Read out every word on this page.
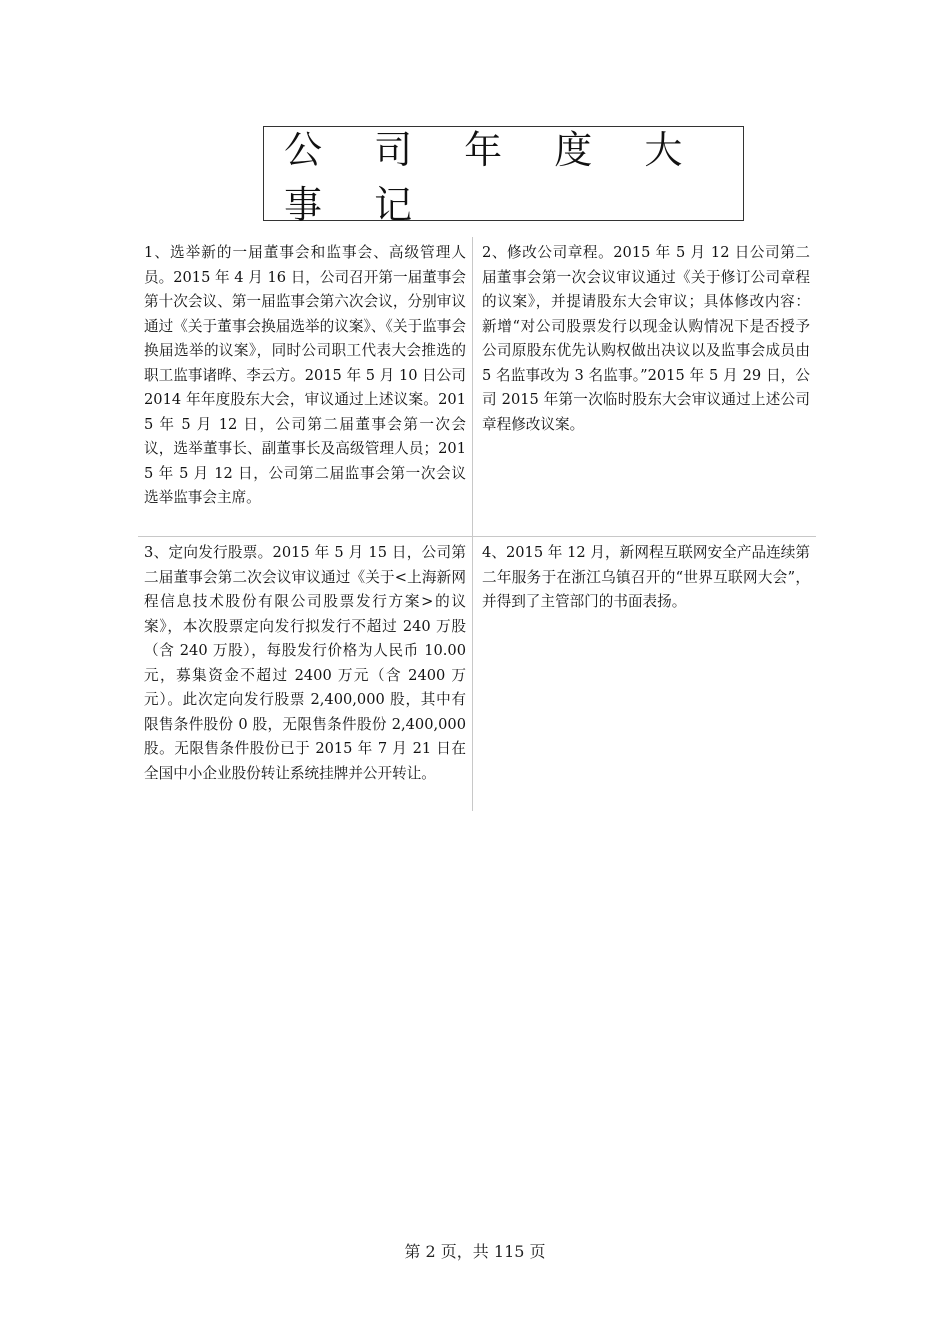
公 司 年 度 大 事 记
1、选举新的一届董事会和监事会、高级管理人员。2015 年 4 月 16 日，公司召开第一届董事会第十次会议、第一届监事会第六次会议，分别审议通过《关于董事会换届选举的议案》、《关于监事会换届选举的议案》，同时公司职工代表大会推选的职工监事诸晔、李云方。2015 年 5 月 10 日公司 2014 年年度股东大会，审议通过上述议案。2015 年 5 月 12 日，公司第二届董事会第一次会议，选举董事长、副董事长及高级管理人员；2015 年 5 月 12 日，公司第二届监事会第一次会议选举监事会主席。
2、修改公司章程。2015 年 5 月 12 日公司第二届董事会第一次会议审议通过《关于修订公司章程的议案》，并提请股东大会审议；具体修改内容：新增“对公司股票发行以现金认购情况下是否授予公司原股东优先认购权做出决议以及监事会成员由 5 名监事改为 3 名监事。”2015 年 5 月 29 日，公司 2015 年第一次临时股东大会审议通过上述公司章程修改议案。
3、定向发行股票。2015 年 5 月 15 日，公司第二届董事会第二次会议审议通过《关于<上海新网程信息技术股份有限公司股票发行方案>的议案》，本次股票定向发行拟发行不超过 240 万股（含 240 万股），每股发行价格为人民币 10.00 元，募集资金不超过 2400 万元（含 2400 万元）。此次定向发行股票 2,400,000 股，其中有限售条件股份 0 股，无限售条件股份 2,400,000 股。无限售条件股份已于 2015 年 7 月 21 日在全国中小企业股份转让系统挂牌并公开转让。
4、2015 年 12 月，新网程互联网安全产品连续第二年服务于在浙江乌镇召开的“世界互联网大会”，并得到了主管部门的书面表扬。
第 2 页，共 115 页
